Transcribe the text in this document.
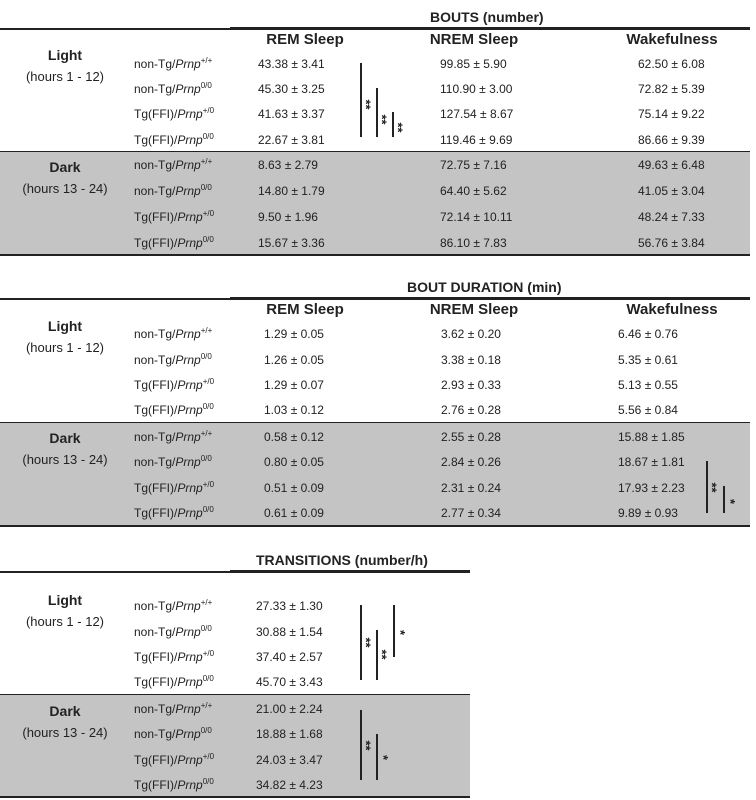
BOUTS (number)
REM Sleep	NREM Sleep	Wakefulness
Light
(hours 1 - 12)
Dark
(hours 13 - 24)
non-Tg/Prnp+/+	43.38 ± 3.41	99.85 ± 5.90	62.50 ± 6.08
non-Tg/Prnp$^{0/0}$	45.30 ± 3.25	110.90 ± 3.00	72.82 ± 5.39
Tg(FFI)/Prnp$^{+/0}$	41.63 ± 3.37	127.54 ± 8.67	75.14 ± 9.22
Tg(FFI)/Prnp$^{0/0}$	22.67 ± 3.81	119.46 ± 9.69	86.66 ± 9.39
non-Tg/Prnp+/+	8.63 ± 2.79	72.75 ± 7.16	49.63 ± 6.48
non-Tg/Prnp$^{0/0}$	14.80 ± 1.79	64.40 ± 5.62	41.05 ± 3.04
Tg(FFI)/Prnp$^{+/0}$	9.50 ± 1.96	72.14 ± 10.11	48.24 ± 7.33
Tg(FFI)/Prnp$^{0/0}$	15.67 ± 3.36	86.10 ± 7.83	56.76 ± 3.84
**
**
**
BOUT DURATION (min)
REM Sleep	NREM Sleep	Wakefulness
Light
(hours 1 - 12)
Dark
(hours 13 - 24)
non-Tg/Prnp+/+	1.29 ± 0.05	3.62 ± 0.20	6.46 ± 0.76
non-Tg/Prnp$^{0/0}$	1.26 ± 0.05	3.38 ± 0.18	5.35 ± 0.61
Tg(FFI)/Prnp$^{+/0}$	1.29 ± 0.07	2.93 ± 0.33	5.13 ± 0.55
Tg(FFI)/Prnp$^{0/0}$	1.03 ± 0.12	2.76 ± 0.28	5.56 ± 0.84
non-Tg/Prnp+/+	0.58 ± 0.12	2.55 ± 0.28	15.88 ± 1.85
non-Tg/Prnp$^{0/0}$	0.80 ± 0.05	2.84 ± 0.26	18.67 ± 1.81
Tg(FFI)/Prnp$^{+/0}$	0.51 ± 0.09	2.31 ± 0.24	17.93 ± 2.23
Tg(FFI)/Prnp$^{0/0}$	0.61 ± 0.09	2.77 ± 0.34	9.89 ± 0.93
**
*
TRANSITIONS (number/h)
Light
(hours 1 - 12)
Dark
(hours 13 - 24)
non-Tg/Prnp+/+	27.33 ± 1.30
non-Tg/Prnp$^{0/0}$	30.88 ± 1.54
Tg(FFI)/Prnp$^{+/0}$	37.40 ± 2.57
Tg(FFI)/Prnp$^{0/0}$	45.70 ± 3.43
non-Tg/Prnp+/+	21.00 ± 2.24
non-Tg/Prnp$^{0/0}$	18.88 ± 1.68
Tg(FFI)/Prnp$^{+/0}$	24.03 ± 3.47
Tg(FFI)/Prnp$^{0/0}$	34.82 ± 4.23
**
**
*
**
*
